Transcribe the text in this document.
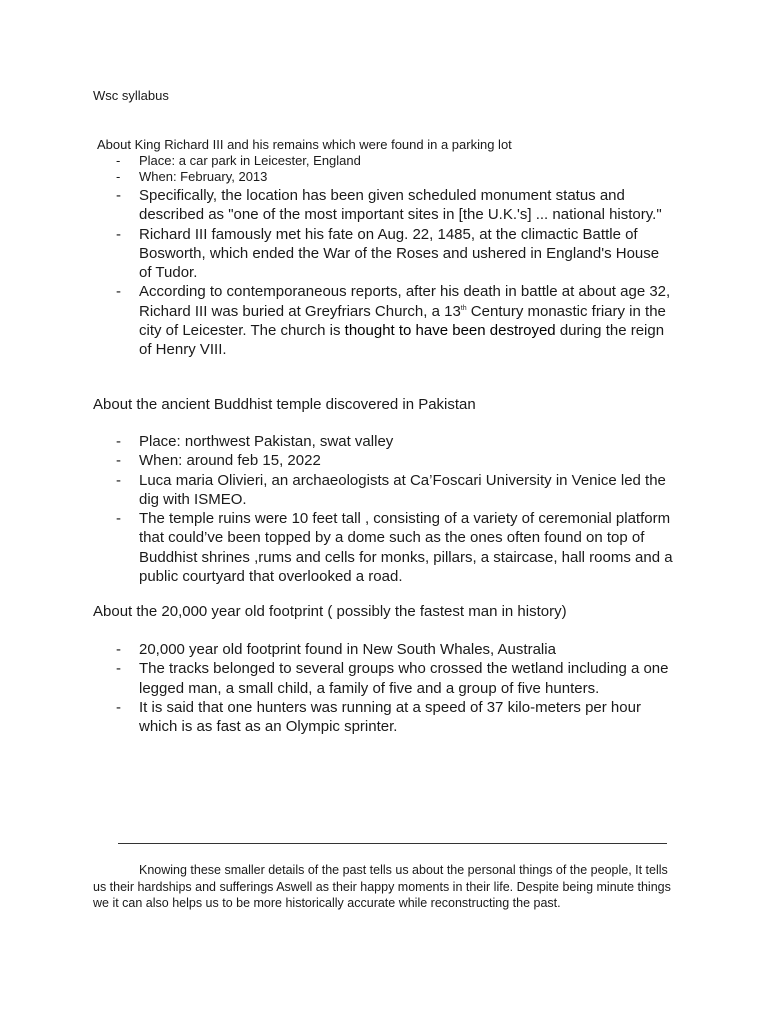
Wsc syllabus
About King Richard III and his remains which were found in a parking lot
- Place: a car park in Leicester, England
- When: February, 2013
- Specifically, the location has been given scheduled monument status and described as "one of the most important sites in [the U.K.'s] ... national history."
- Richard III famously met his fate on Aug. 22, 1485, at the climactic Battle of Bosworth, which ended the War of the Roses and ushered in England's House of Tudor.
- According to contemporaneous reports, after his death in battle at about age 32, Richard III was buried at Greyfriars Church, a 13th Century monastic friary in the city of Leicester. The church is thought to have been destroyed during the reign of Henry VIII.
About the ancient Buddhist temple discovered in Pakistan
- Place: northwest Pakistan, swat valley
- When: around feb 15, 2022
- Luca maria Olivieri, an archaeologists at Ca’Foscari University in Venice led the dig with ISMEO.
- The temple ruins were 10 feet tall , consisting of a variety of ceremonial platform that could’ve been topped by a dome such as the ones often found on top of Buddhist shrines ,rums and cells for monks, pillars, a staircase, hall rooms and a public courtyard that overlooked a road.
About the 20,000 year old footprint ( possibly the fastest man in history)
- 20,000 year old footprint found in New South Whales, Australia
- The tracks belonged to several groups who crossed the wetland including a one legged man, a small child, a family of five and a group of five hunters.
- It is said that one hunters was running at a speed of 37 kilo-meters per hour which is as fast as an Olympic sprinter.

Knowing these smaller details of the past tells us about the personal things of the people, It tells us their hardships and sufferings Aswell as their happy moments in their life. Despite being minute things we it can also helps us to be more historically accurate while reconstructing the past.
